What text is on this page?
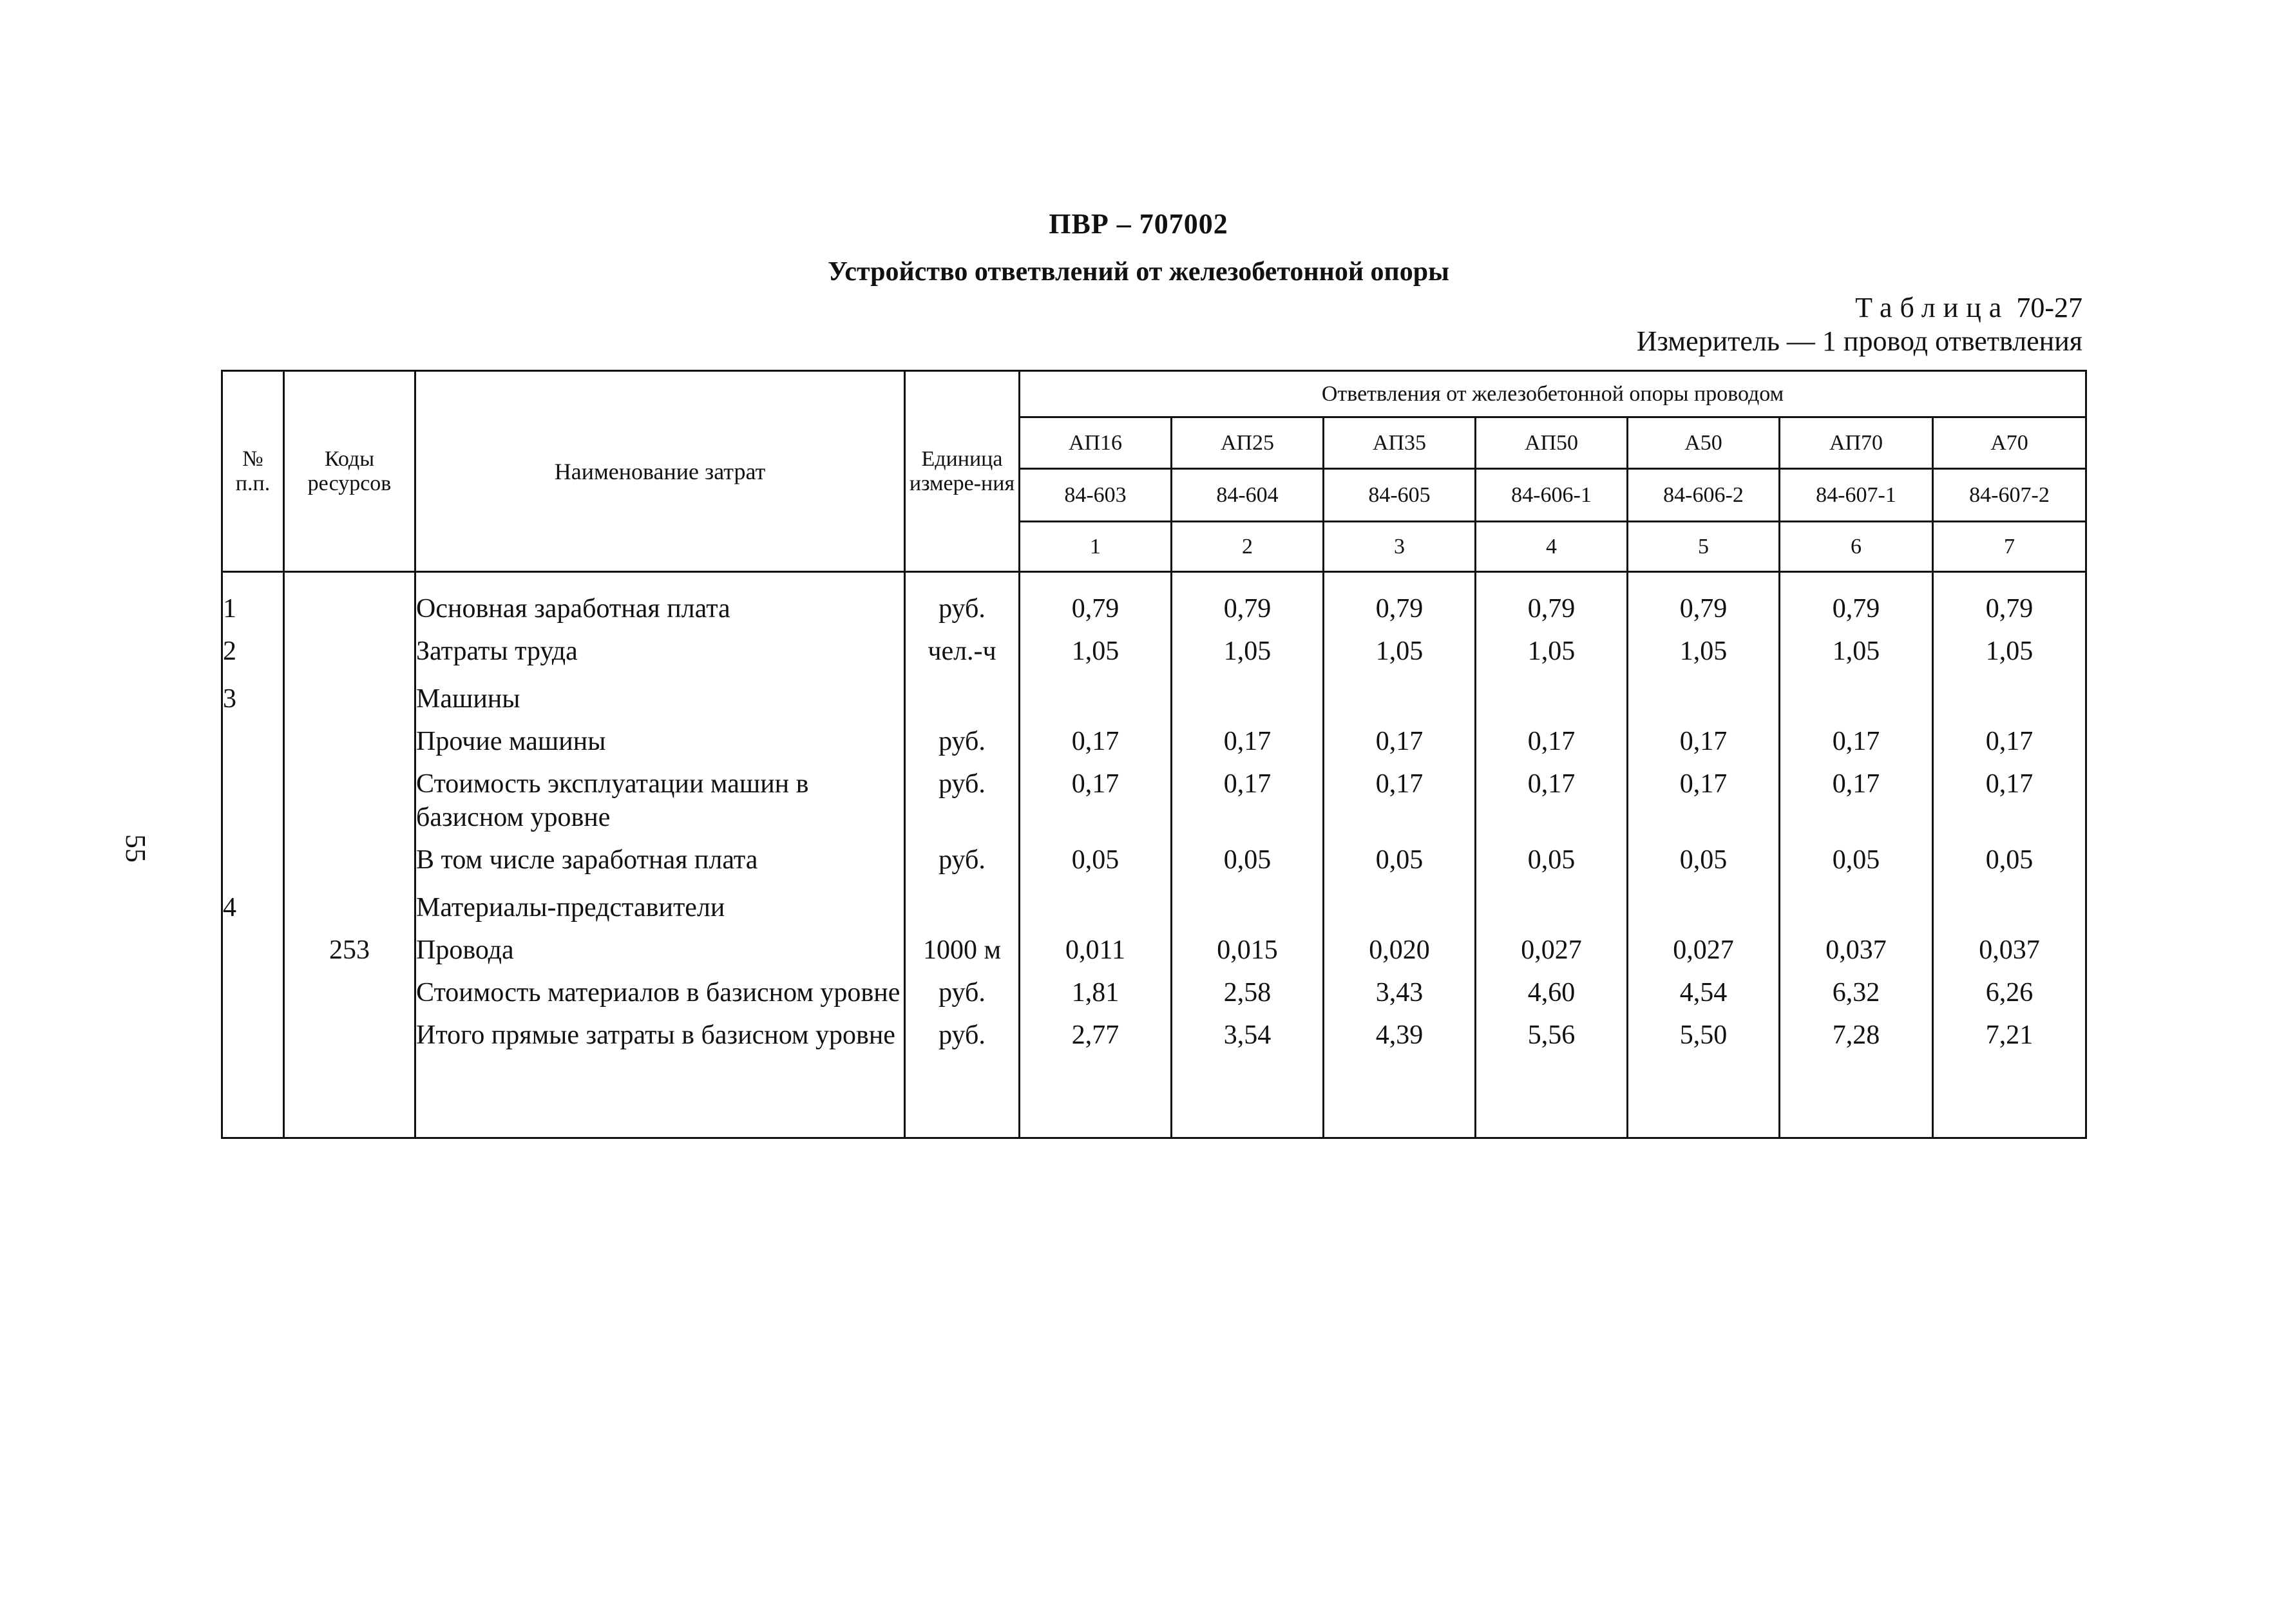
ПВР – 707002
Устройство ответвлений от железобетонной опоры
Таблица 70-27
Измеритель — 1 провод ответвления
55
№ п.п.	Коды ресурсов	Наименование затрат	Единица измере-ния	Ответвления от железобетонной опоры проводом						
				АП16	АП25	АП35	АП50	А50	АП70	А70
				84-603	84-604	84-605	84-606-1	84-606-2	84-607-1	84-607-2
				1	2	3	4	5	6	7

1		Основная заработная плата	руб.	0,79	0,79	0,79	0,79	0,79	0,79	0,79
2		Затраты труда	чел.-ч	1,05	1,05	1,05	1,05	1,05	1,05	1,05
3		Машины								
		Прочие машины	руб.	0,17	0,17	0,17	0,17	0,17	0,17	0,17
		Стоимость эксплуатации машин в базисном уровне	руб.	0,17	0,17	0,17	0,17	0,17	0,17	0,17
		В том числе заработная плата	руб.	0,05	0,05	0,05	0,05	0,05	0,05	0,05
4		Материалы-представители								
	253	Провода	1000 м	0,011	0,015	0,020	0,027	0,027	0,037	0,037
		Стоимость материалов в базисном уровне	руб.	1,81	2,58	3,43	4,60	4,54	6,32	6,26
		Итого прямые затраты в базисном уровне	руб.	2,77	3,54	4,39	5,56	5,50	7,28	7,21
